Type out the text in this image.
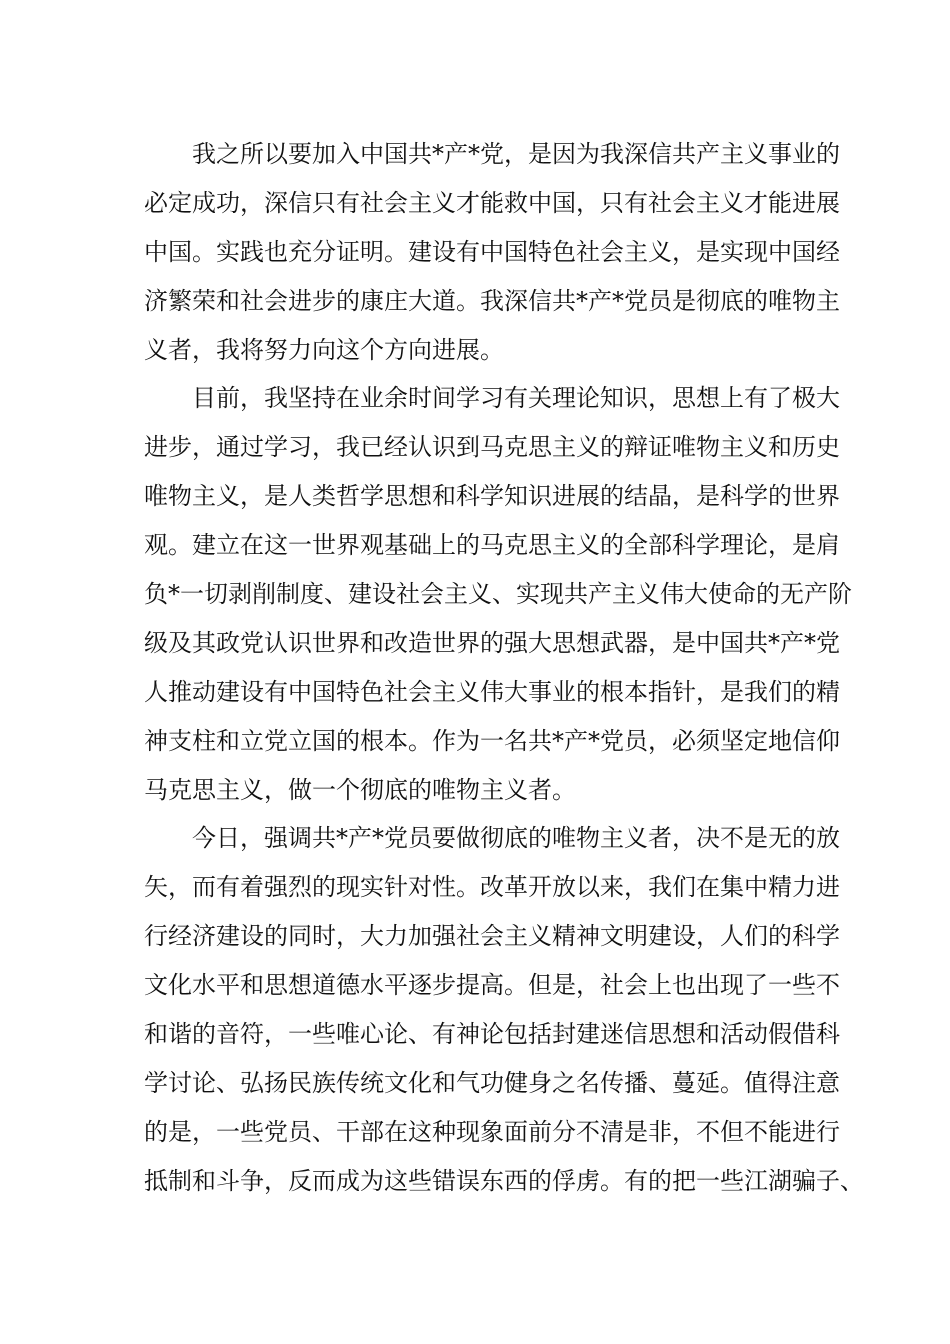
　　我之所以要加入中国共*产*党，是因为我深信共产主义事业的
必定成功，深信只有社会主义才能救中国，只有社会主义才能进展
中国。实践也充分证明。建设有中国特色社会主义，是实现中国经
济繁荣和社会进步的康庄大道。我深信共*产*党员是彻底的唯物主
义者，我将努力向这个方向进展。
　　目前，我坚持在业余时间学习有关理论知识，思想上有了极大
进步，通过学习，我已经认识到马克思主义的辩证唯物主义和历史
唯物主义，是人类哲学思想和科学知识进展的结晶，是科学的世界
观。建立在这一世界观基础上的马克思主义的全部科学理论，是肩
负*一切剥削制度、建设社会主义、实现共产主义伟大使命的无产阶
级及其政党认识世界和改造世界的强大思想武器，是中国共*产*党
人推动建设有中国特色社会主义伟大事业的根本指针，是我们的精
神支柱和立党立国的根本。作为一名共*产*党员，必须坚定地信仰
马克思主义，做一个彻底的唯物主义者。
　　今日，强调共*产*党员要做彻底的唯物主义者，决不是无的放
矢，而有着强烈的现实针对性。改革开放以来，我们在集中精力进
行经济建设的同时，大力加强社会主义精神文明建设，人们的科学
文化水平和思想道德水平逐步提高。但是，社会上也出现了一些不
和谐的音符，一些唯心论、有神论包括封建迷信思想和活动假借科
学讨论、弘扬民族传统文化和气功健身之名传播、蔓延。值得注意
的是，一些党员、干部在这种现象面前分不清是非，不但不能进行
抵制和斗争，反而成为这些错误东西的俘虏。有的把一些江湖骗子、
